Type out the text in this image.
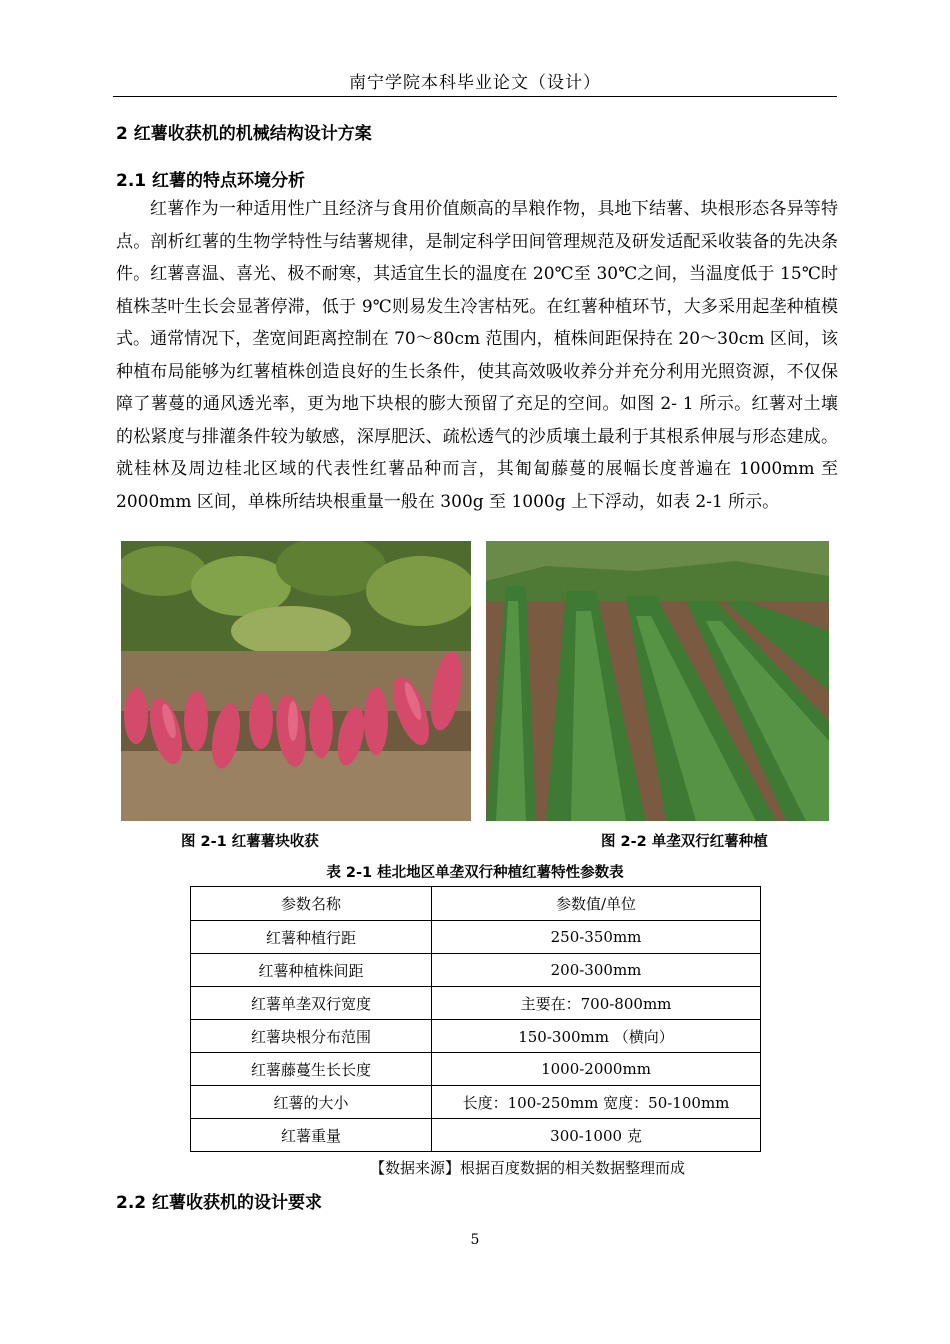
南宁学院本科毕业论文（设计）
2 红薯收获机的机械结构设计方案
2.1 红薯的特点环境分析

红薯作为一种适用性广且经济与食用价值颇高的旱粮作物，具地下结薯、块根形态各异等特点。剖析红薯的生物学特性与结薯规律，是制定科学田间管理规范及研发适配采收装备的先决条件。红薯喜温、喜光、极不耐寒，其适宜生长的温度在 20℃至 30℃之间，当温度低于 15℃时植株茎叶生长会显著停滞，低于 9℃则易发生冷害枯死。在红薯种植环节，大多采用起垄种植模式。通常情况下，垄宽间距离控制在 70～80cm 范围内，植株间距保持在 20～30cm 区间，该种植布局能够为红薯植株创造良好的生长条件，使其高效吸收养分并充分利用光照资源，不仅保障了薯蔓的通风透光率，更为地下块根的膨大预留了充足的空间。如图 2- 1 所示。红薯对土壤的松紧度与排灌条件较为敏感，深厚肥沃、疏松透气的沙质壤土最利于其根系伸展与形态建成。就桂林及周边桂北区域的代表性红薯品种而言，其匍匐藤蔓的展幅长度普遍在 1000mm 至 2000mm 区间，单株所结块根重量一般在 300g 至 1000g 上下浮动，如表 2-1 所示。

图 2-1 红薯薯块收获	图 2-2 单垄双行红薯种植
表 2-1 桂北地区单垄双行种植红薯特性参数表
参数名称	参数值/单位
红薯种植行距	250-350mm
红薯种植株间距	200-300mm
红薯单垄双行宽度	主要在：700-800mm
红薯块根分布范围	150-300mm （横向）
红薯藤蔓生长长度	1000-2000mm
红薯的大小	长度：100-250mm 宽度：50-100mm
红薯重量	300-1000 克
【数据来源】根据百度数据的相关数据整理而成
2.2 红薯收获机的设计要求
5
